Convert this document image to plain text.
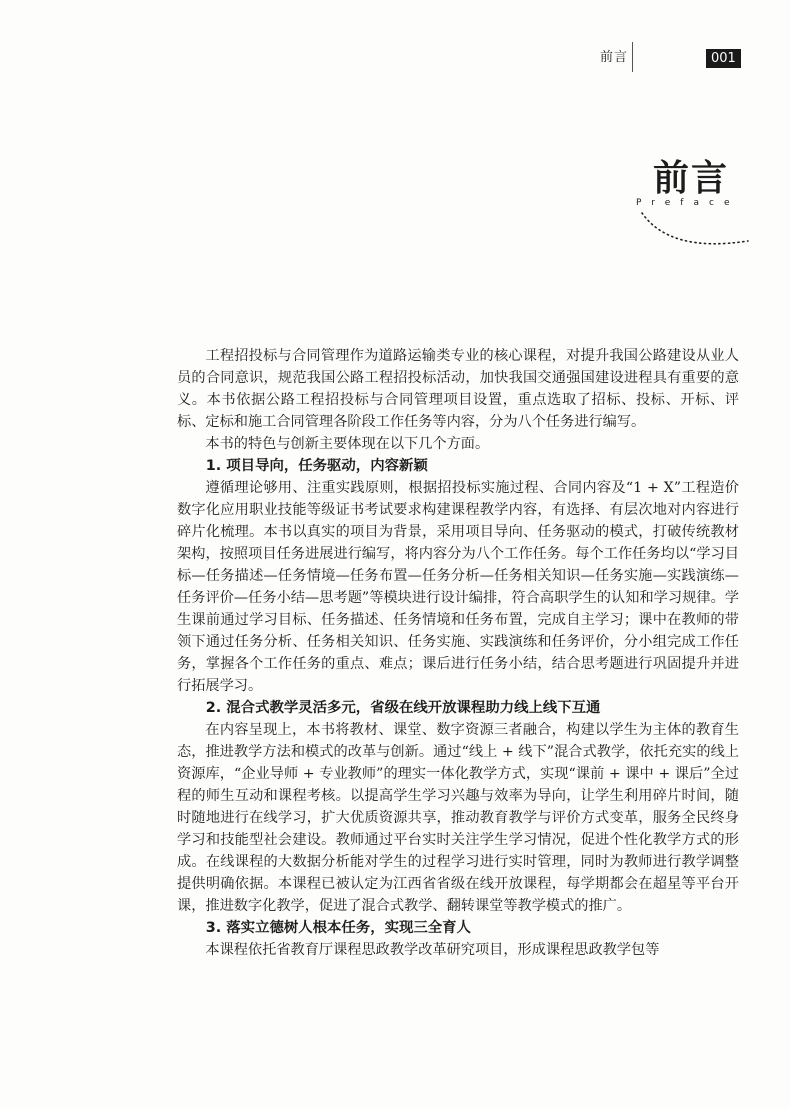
前言	001
前言
Preface

工程招投标与合同管理作为道路运输类专业的核心课程，对提升我国公路建设从业人员的合同意识，规范我国公路工程招投标活动，加快我国交通强国建设进程具有重要的意义。本书依据公路工程招投标与合同管理项目设置，重点选取了招标、投标、开标、评标、定标和施工合同管理各阶段工作任务等内容，分为八个任务进行编写。

本书的特色与创新主要体现在以下几个方面。

1. 项目导向，任务驱动，内容新颖

遵循理论够用、注重实践原则，根据招投标实施过程、合同内容及“1 + X”工程造价数字化应用职业技能等级证书考试要求构建课程教学内容，有选择、有层次地对内容进行碎片化梳理。本书以真实的项目为背景，采用项目导向、任务驱动的模式，打破传统教材架构，按照项目任务进展进行编写，将内容分为八个工作任务。每个工作任务均以“学习目标—任务描述—任务情境—任务布置—任务分析—任务相关知识—任务实施—实践演练—任务评价—任务小结—思考题”等模块进行设计编排，符合高职学生的认知和学习规律。学生课前通过学习目标、任务描述、任务情境和任务布置，完成自主学习；课中在教师的带领下通过任务分析、任务相关知识、任务实施、实践演练和任务评价，分小组完成工作任务，掌握各个工作任务的重点、难点；课后进行任务小结，结合思考题进行巩固提升并进行拓展学习。

2. 混合式教学灵活多元，省级在线开放课程助力线上线下互通

在内容呈现上，本书将教材、课堂、数字资源三者融合，构建以学生为主体的教育生态，推进教学方法和模式的改革与创新。通过“线上 + 线下”混合式教学，依托充实的线上资源库，“企业导师 + 专业教师”的理实一体化教学方式，实现“课前 + 课中 + 课后”全过程的师生互动和课程考核。以提高学生学习兴趣与效率为导向，让学生利用碎片时间，随时随地进行在线学习，扩大优质资源共享，推动教育教学与评价方式变革，服务全民终身学习和技能型社会建设。教师通过平台实时关注学生学习情况，促进个性化教学方式的形成。在线课程的大数据分析能对学生的过程学习进行实时管理，同时为教师进行教学调整提供明确依据。本课程已被认定为江西省省级在线开放课程，每学期都会在超星等平台开课，推进数字化教学，促进了混合式教学、翻转课堂等教学模式的推广。

3. 落实立德树人根本任务，实现三全育人

本课程依托省教育厅课程思政教学改革研究项目，形成课程思政教学包等
